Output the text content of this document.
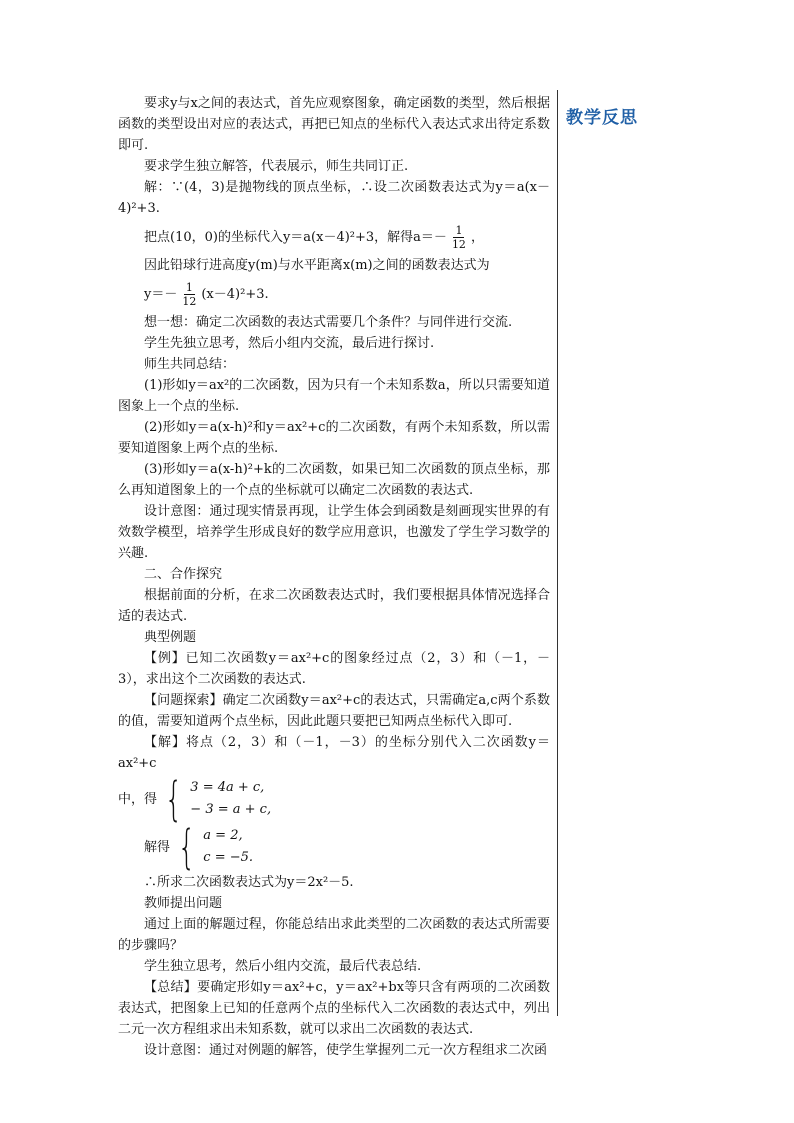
教学反思

要求y与x之间的表达式，首先应观察图象，确定函数的类型，然后根据函数的类型设出对应的表达式，再把已知点的坐标代入表达式求出待定系数即可.

要求学生独立解答，代表展示，师生共同订正.

解：∵(4，3)是抛物线的顶点坐标，∴设二次函数表达式为y＝a(x－4)²+3.

把点(10，0)的坐标代入y＝a(x－4)²+3，解得$a=- \frac{1}{12}$ ，

因此铅球行进高度y(m)与水平距离x(m)之间的函数表达式为

$y=- \frac{1}{12} (x-4)^2+3$.

想一想：确定二次函数的表达式需要几个条件？与同伴进行交流.

学生先独立思考，然后小组内交流，最后进行探讨.

师生共同总结：

(1)形如y＝ax²的二次函数，因为只有一个未知系数a，所以只需要知道图象上一个点的坐标.

(2)形如y＝a(x-h)²和y＝ax²+c的二次函数，有两个未知系数，所以需要知道图象上两个点的坐标.

(3)形如y＝a(x-h)²+k的二次函数，如果已知二次函数的顶点坐标，那么再知道图象上的一个点的坐标就可以确定二次函数的表达式.

设计意图：通过现实情景再现，让学生体会到函数是刻画现实世界的有效数学模型，培养学生形成良好的数学应用意识，也激发了学生学习数学的兴趣.

二、合作探究

根据前面的分析，在求二次函数表达式时，我们要根据具体情况选择合适的表达式.

典型例题

【例】已知二次函数y＝ax²+c的图象经过点（2，3）和（－1，－3），求出这个二次函数的表达式.

【问题探索】确定二次函数y＝ax²+c的表达式，只需确定a,c两个系数的值，需要知道两个点坐标，因此此题只要把已知两点坐标代入即可.

【解】将点（2，3）和（－1，－3）的坐标分别代入二次函数y＝ax²+c

中，得 { 3 = 4a + c,
− 3 = a + c,
解得 { a = 2,
c = −5.

∴所求二次函数表达式为y＝2x²－5.

教师提出问题

通过上面的解题过程，你能总结出求此类型的二次函数的表达式所需要的步骤吗？

学生独立思考，然后小组内交流，最后代表总结.

【总结】要确定形如y＝ax²+c，y＝ax²+bx等只含有两项的二次函数表达式，把图象上已知的任意两个点的坐标代入二次函数的表达式中，列出二元一次方程组求出未知系数，就可以求出二次函数的表达式.

设计意图：通过对例题的解答，使学生掌握列二元一次方程组求二次函
